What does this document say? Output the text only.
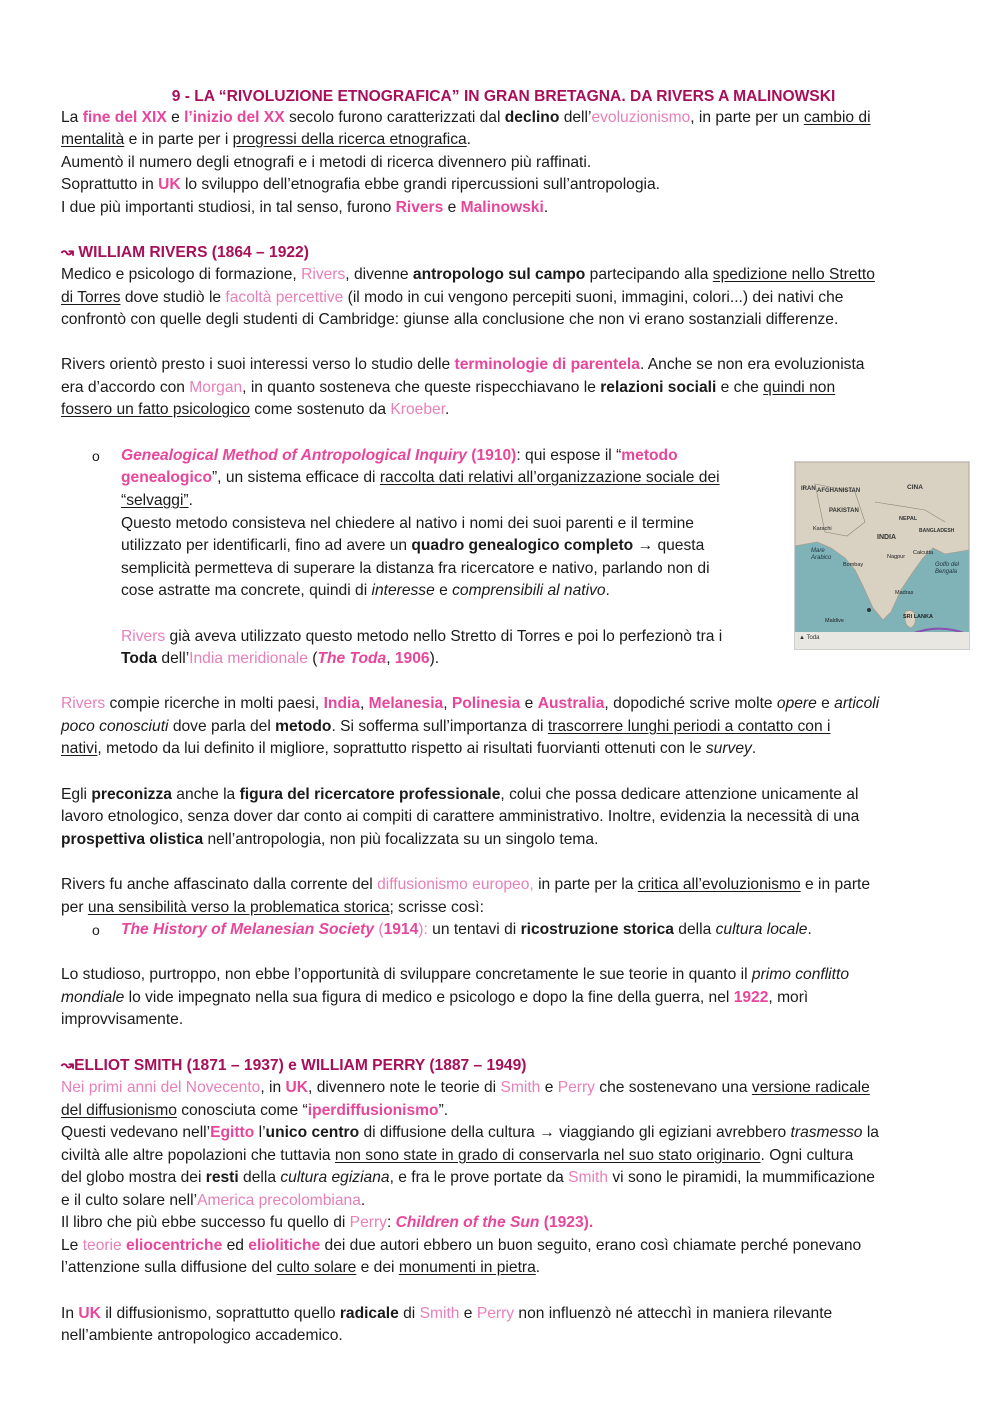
9 - LA “RIVOLUZIONE ETNOGRAFICA” IN GRAN BRETAGNA. DA RIVERS A MALINOWSKI
La fine del XIX e l’inizio del XX secolo furono caratterizzati dal declino dell’evoluzionismo, in parte per un cambio di
mentalità e in parte per i progressi della ricerca etnografica.
Aumentò il numero degli etnografi e i metodi di ricerca divennero più raffinati.
Soprattutto in UK lo sviluppo dell’etnografia ebbe grandi ripercussioni sull’antropologia.
I due più importanti studiosi, in tal senso, furono Rivers e Malinowski.
↝ WILLIAM RIVERS (1864 – 1922)
Medico e psicologo di formazione, Rivers, divenne antropologo sul campo partecipando alla spedizione nello Stretto
di Torres dove studiò le facoltà percettive (il modo in cui vengono percepiti suoni, immagini, colori...) dei nativi che
confrontò con quelle degli studenti di Cambridge: giunse alla conclusione che non vi erano sostanziali differenze.
Rivers orientò presto i suoi interessi verso lo studio delle terminologie di parentela. Anche se non era evoluzionista
era d’accordo con Morgan, in quanto sosteneva che queste rispecchiavano le relazioni sociali e che quindi non
fossero un fatto psicologico come sostenuto da Kroeber.
o Genealogical Method of Antropological Inquiry (1910): qui espose il “metodo
genealogico”, un sistema efficace di raccolta dati relativi all’organizzazione sociale dei
“selvaggi”.
Questo metodo consisteva nel chiedere al nativo i nomi dei suoi parenti e il termine
utilizzato per identificarli, fino ad avere un quadro genealogico completo → questa
semplicità permetteva di superare la distanza fra ricercatore e nativo, parlando non di
cose astratte ma concrete, quindi di interesse e comprensibili al nativo.
Rivers già aveva utilizzato questo metodo nello Stretto di Torres e poi lo perfezionò tra i
Toda dell’India meridionale (The Toda, 1906).
IRAN AFGHANISTAN
PAKISTAN
CINA
NEPAL
INDIA
BANGLADESH
Karachi
Mare Arabico
Bombay
Calcutta
Golfo del Bengala
Nagpur
Madras
Maldive
SRI LANKA
▲ Toda
Rivers compie ricerche in molti paesi, India, Melanesia, Polinesia e Australia, dopodiché scrive molte opere e articoli
poco conosciuti dove parla del metodo. Si sofferma sull’importanza di trascorrere lunghi periodi a contatto con i
nativi, metodo da lui definito il migliore, soprattutto rispetto ai risultati fuorvianti ottenuti con le survey.
Egli preconizza anche la figura del ricercatore professionale, colui che possa dedicare attenzione unicamente al
lavoro etnologico, senza dover dar conto ai compiti di carattere amministrativo. Inoltre, evidenzia la necessità di una
prospettiva olistica nell’antropologia, non più focalizzata su un singolo tema.
Rivers fu anche affascinato dalla corrente del diffusionismo europeo, in parte per la critica all’evoluzionismo e in parte
per una sensibilità verso la problematica storica; scrisse così:
o The History of Melanesian Society (1914): un tentavi di ricostruzione storica della cultura locale.
Lo studioso, purtroppo, non ebbe l’opportunità di sviluppare concretamente le sue teorie in quanto il primo conflitto
mondiale lo vide impegnato nella sua figura di medico e psicologo e dopo la fine della guerra, nel 1922, morì
improvvisamente.
↝ELLIOT SMITH (1871 – 1937) e WILLIAM PERRY (1887 – 1949)
Nei primi anni del Novecento, in UK, divennero note le teorie di Smith e Perry che sostenevano una versione radicale
del diffusionismo conosciuta come “iperdiffusionismo”.
Questi vedevano nell’Egitto l’unico centro di diffusione della cultura → viaggiando gli egiziani avrebbero trasmesso la
civiltà alle altre popolazioni che tuttavia non sono state in grado di conservarla nel suo stato originario. Ogni cultura
del globo mostra dei resti della cultura egiziana, e fra le prove portate da Smith vi sono le piramidi, la mummificazione
e il culto solare nell’America precolombiana.
Il libro che più ebbe successo fu quello di Perry: Children of the Sun (1923).
Le teorie eliocentriche ed eliolitiche dei due autori ebbero un buon seguito, erano così chiamate perché ponevano
l’attenzione sulla diffusione del culto solare e dei monumenti in pietra.
In UK il diffusionismo, soprattutto quello radicale di Smith e Perry non influenzò né attecchì in maniera rilevante
nell’ambiente antropologico accademico.
